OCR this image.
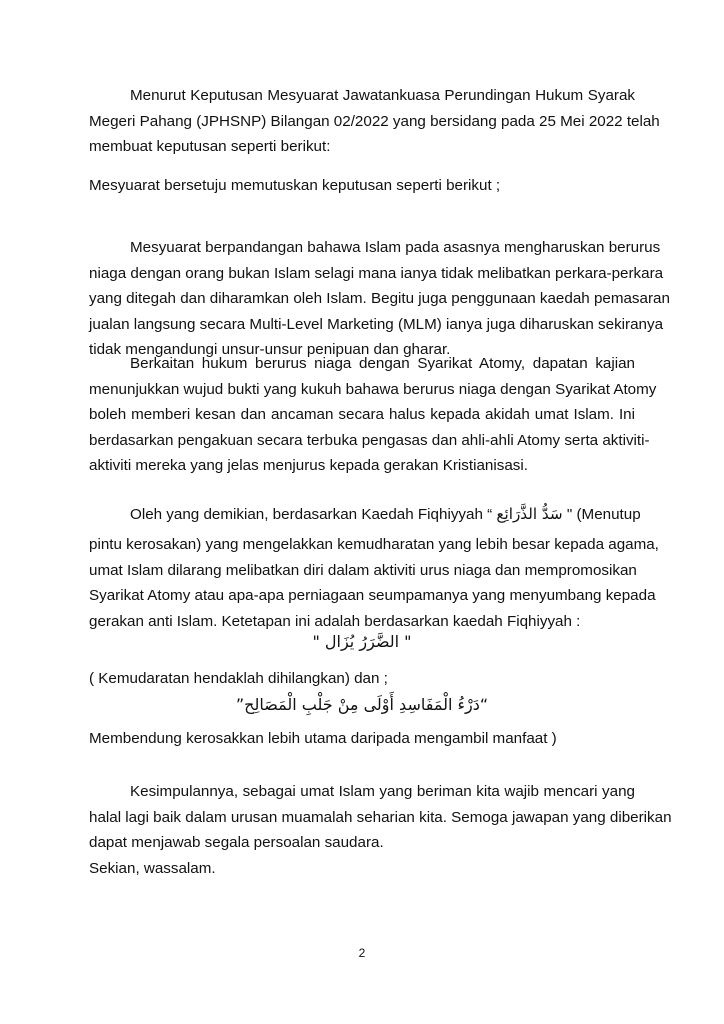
Menurut Keputusan Mesyuarat Jawatankuasa Perundingan Hukum Syarak
Megeri Pahang (JPHSNP) Bilangan 02/2022 yang bersidang pada 25 Mei 2022 telah
membuat keputusan seperti berikut:
Mesyuarat bersetuju memutuskan keputusan seperti berikut ;
Mesyuarat berpandangan bahawa Islam pada asasnya mengharuskan berurus
niaga dengan orang bukan Islam selagi mana ianya tidak melibatkan perkara-perkara
yang ditegah dan diharamkan oleh Islam. Begitu juga penggunaan kaedah pemasaran
jualan langsung secara Multi-Level Marketing (MLM) ianya juga diharuskan sekiranya
tidak mengandungi unsur-unsur penipuan dan gharar.
Berkaitan hukum berurus niaga dengan Syarikat Atomy, dapatan kajian
menunjukkan wujud bukti yang kukuh bahawa berurus niaga dengan Syarikat Atomy
boleh memberi kesan dan ancaman secara halus kepada akidah umat Islam. Ini
berdasarkan pengakuan secara terbuka pengasas dan ahli-ahli Atomy serta aktiviti-
aktiviti mereka yang jelas menjurus kepada gerakan Kristianisasi.
Oleh yang demikian, berdasarkan Kaedah Fiqhiyyah “ سَدُّ الذَّرَائِع " (Menutup
pintu kerosakan) yang mengelakkan kemudharatan yang lebih besar kepada agama,
umat Islam dilarang melibatkan diri dalam aktiviti urus niaga dan mempromosikan
Syarikat Atomy atau apa-apa perniagaan seumpamanya yang menyumbang kepada
gerakan anti Islam. Ketetapan ini adalah berdasarkan kaedah Fiqhiyyah :
" الضَّرَرُ يُزَال "
( Kemudaratan hendaklah dihilangkan) dan ;
“دَرْءُ الْمَفَاسِدِ أَوْلَى مِنْ جَلْبِ الْمَصَالِح”
Membendung kerosakkan lebih utama daripada mengambil manfaat )
Kesimpulannya, sebagai umat Islam yang beriman kita wajib mencari yang
halal lagi baik dalam urusan muamalah seharian kita. Semoga jawapan yang diberikan
dapat menjawab segala persoalan saudara.
Sekian, wassalam.
2
